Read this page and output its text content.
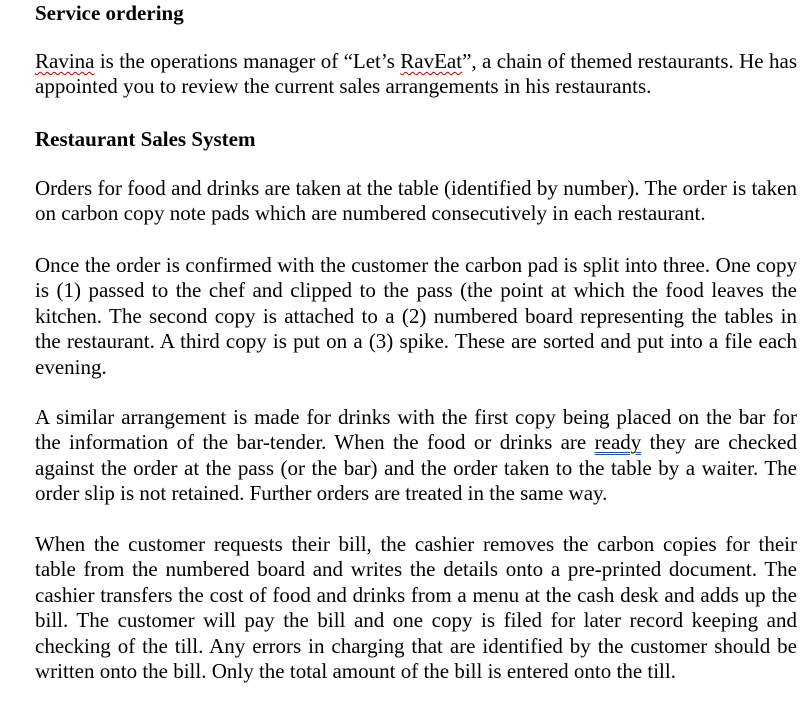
Service ordering

Ravina is the operations manager of “Let’s RavEat”, a chain of themed restaurants. He has appointed you to review the current sales arrangements in his restaurants.

Restaurant Sales System

Orders for food and drinks are taken at the table (identified by number). The order is taken on carbon copy note pads which are numbered consecutively in each restaurant.

Once the order is confirmed with the customer the carbon pad is split into three. One copy is (1) passed to the chef and clipped to the pass (the point at which the food leaves the kitchen. The second copy is attached to a (2) numbered board representing the tables in the restaurant. A third copy is put on a (3) spike. These are sorted and put into a file each evening.

A similar arrangement is made for drinks with the first copy being placed on the bar for the information of the bar-tender. When the food or drinks are ready they are checked against the order at the pass (or the bar) and the order taken to the table by a waiter. The order slip is not retained. Further orders are treated in the same way.

When the customer requests their bill, the cashier removes the carbon copies for their table from the numbered board and writes the details onto a pre-printed document. The cashier transfers the cost of food and drinks from a menu at the cash desk and adds up the bill. The customer will pay the bill and one copy is filed for later record keeping and checking of the till. Any errors in charging that are identified by the customer should be written onto the bill. Only the total amount of the bill is entered onto the till.
